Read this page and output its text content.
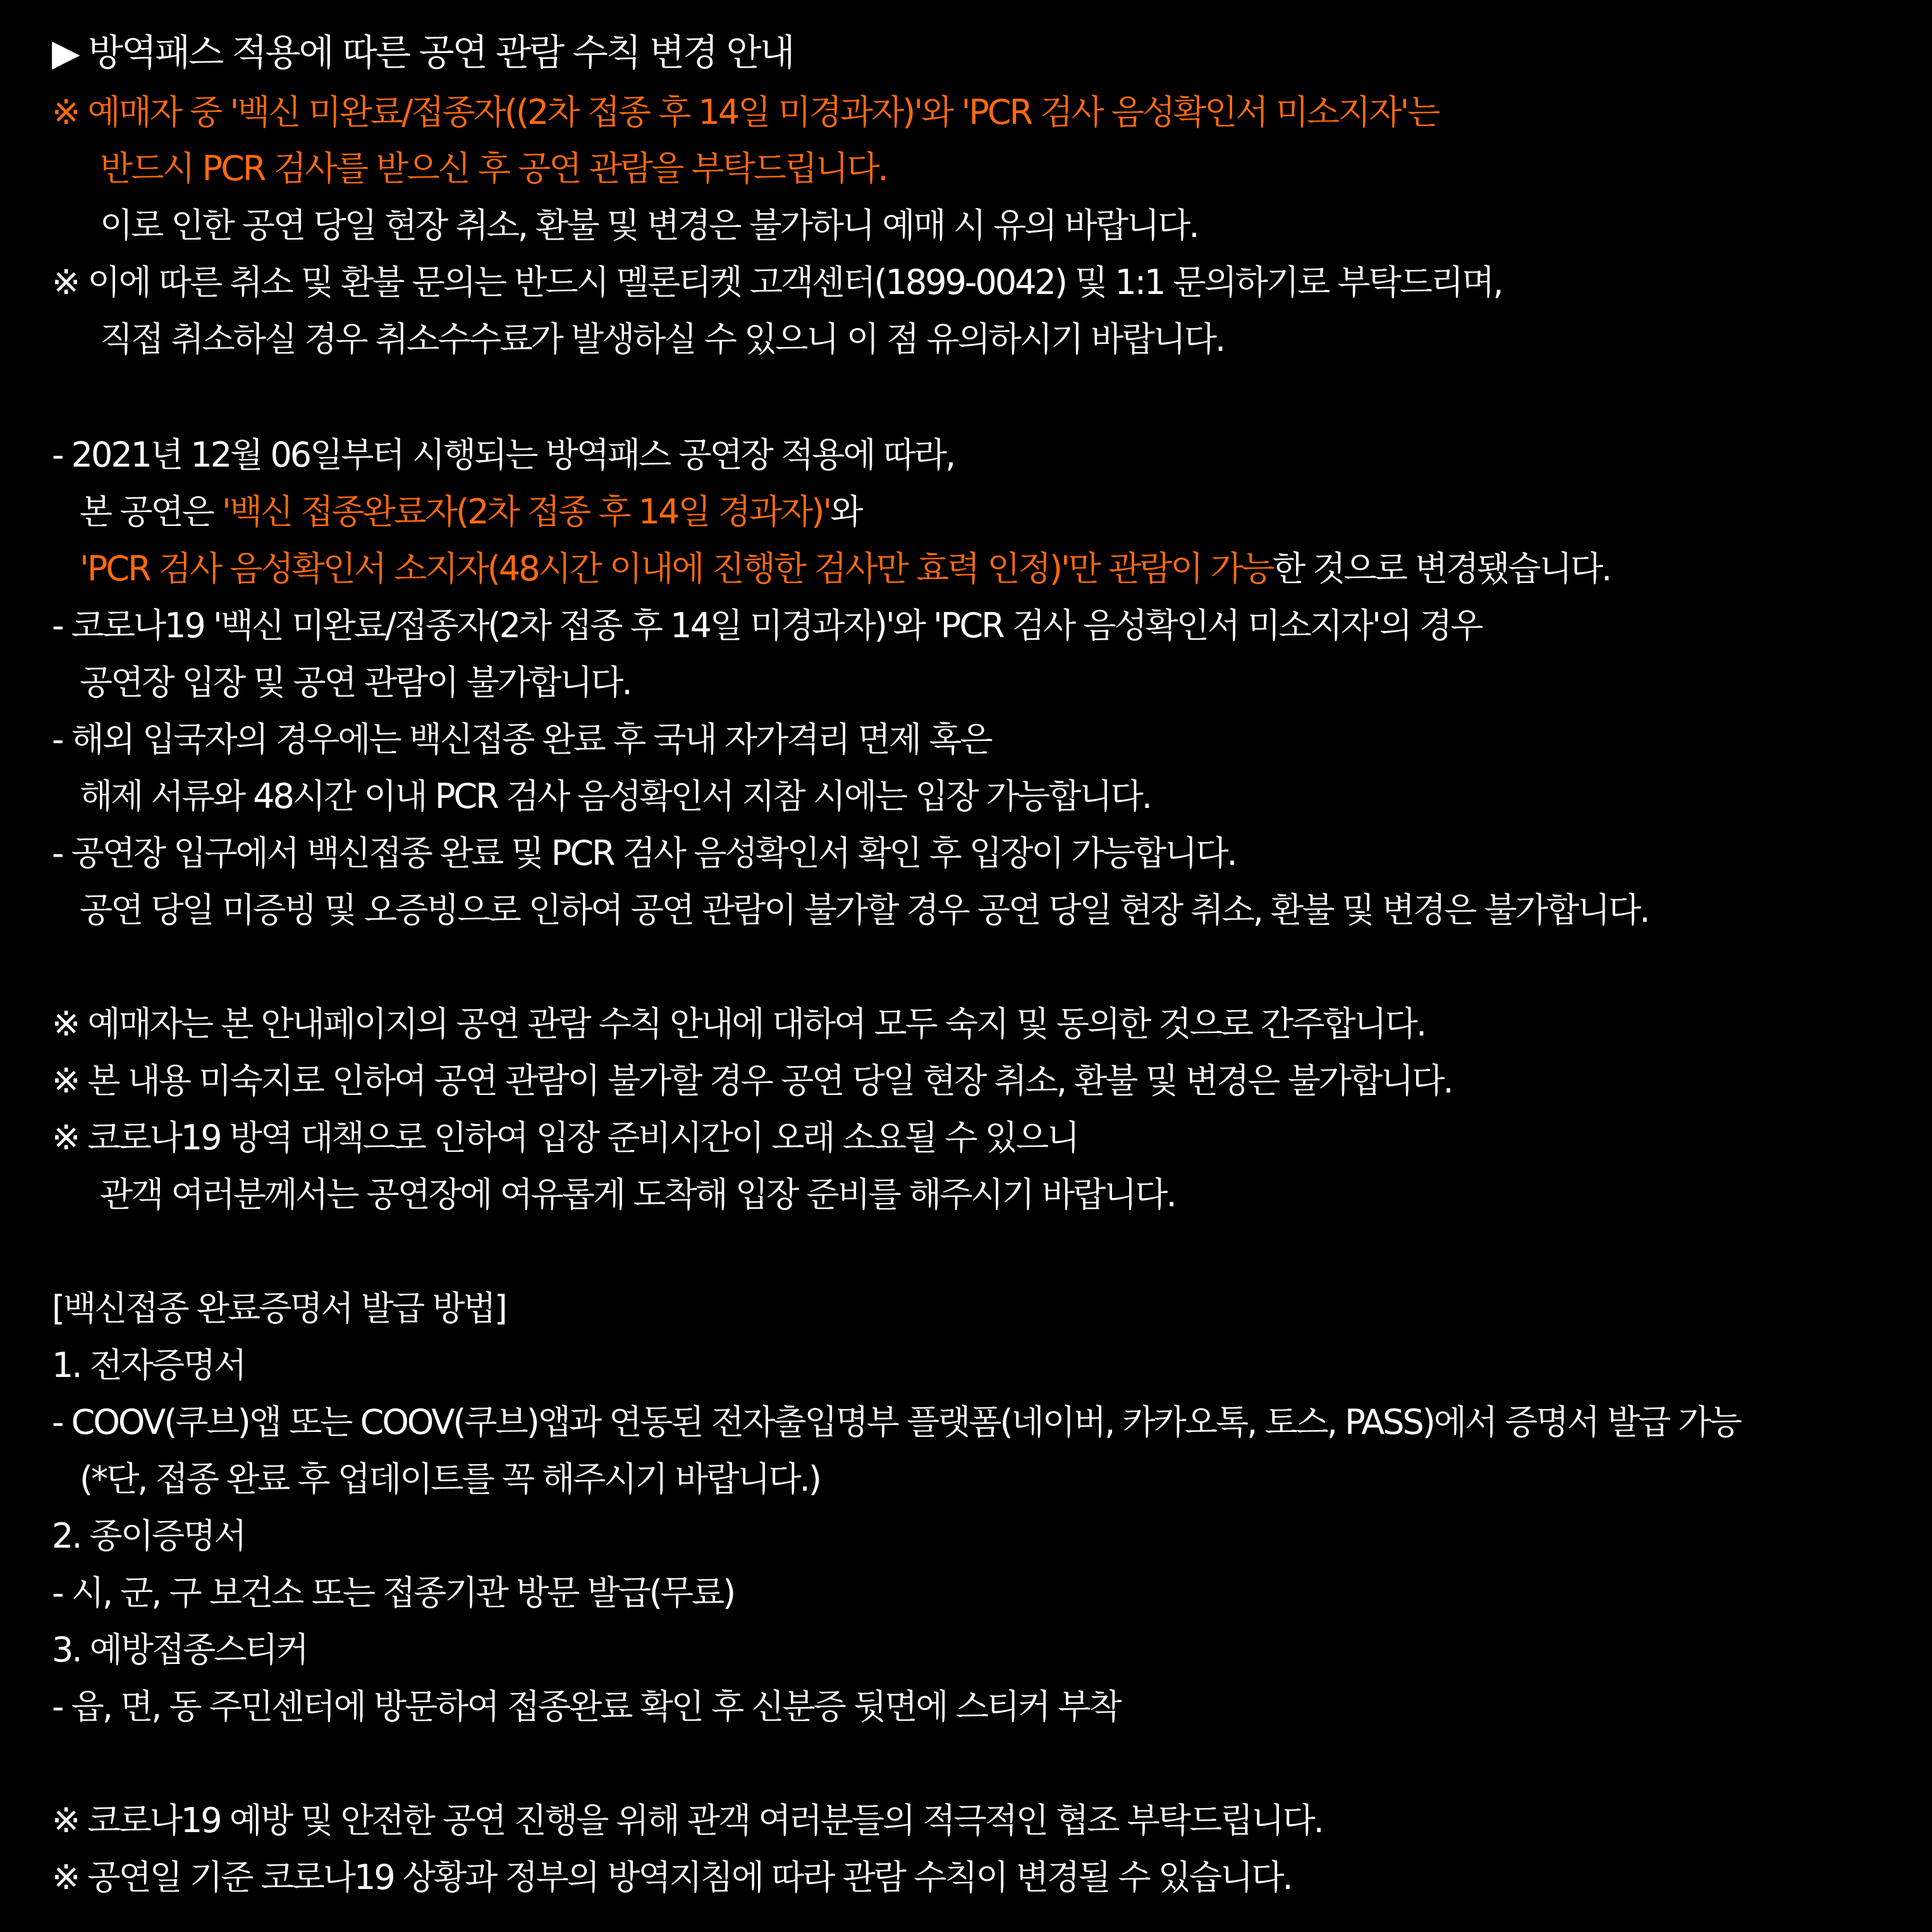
▶ 방역패스 적용에 따른 공연 관람 수칙 변경 안내
※ 예매자 중 '백신 미완료/접종자((2차 접종 후 14일 미경과자)'와 'PCR 검사 음성확인서 미소지자'는
반드시 PCR 검사를 받으신 후 공연 관람을 부탁드립니다.
이로 인한 공연 당일 현장 취소, 환불 및 변경은 불가하니 예매 시 유의 바랍니다.
※ 이에 따른 취소 및 환불 문의는 반드시 멜론티켓 고객센터(1899-0042) 및 1:1 문의하기로 부탁드리며,
직접 취소하실 경우 취소수수료가 발생하실 수 있으니 이 점 유의하시기 바랍니다.
- 2021년 12월 06일부터 시행되는 방역패스 공연장 적용에 따라,
본 공연은 '백신 접종완료자(2차 접종 후 14일 경과자)'와
'PCR 검사 음성확인서 소지자(48시간 이내에 진행한 검사만 효력 인정)'만 관람이 가능한 것으로 변경됐습니다.
- 코로나19 '백신 미완료/접종자(2차 접종 후 14일 미경과자)'와 'PCR 검사 음성확인서 미소지자'의 경우
공연장 입장 및 공연 관람이 불가합니다.
- 해외 입국자의 경우에는 백신접종 완료 후 국내 자가격리 면제 혹은
해제 서류와 48시간 이내 PCR 검사 음성확인서 지참 시에는 입장 가능합니다.
- 공연장 입구에서 백신접종 완료 및 PCR 검사 음성확인서 확인 후 입장이 가능합니다.
공연 당일 미증빙 및 오증빙으로 인하여 공연 관람이 불가할 경우 공연 당일 현장 취소, 환불 및 변경은 불가합니다.
※ 예매자는 본 안내페이지의 공연 관람 수칙 안내에 대하여 모두 숙지 및 동의한 것으로 간주합니다.
※ 본 내용 미숙지로 인하여 공연 관람이 불가할 경우 공연 당일 현장 취소, 환불 및 변경은 불가합니다.
※ 코로나19 방역 대책으로 인하여 입장 준비시간이 오래 소요될 수 있으니
관객 여러분께서는 공연장에 여유롭게 도착해 입장 준비를 해주시기 바랍니다.
[백신접종 완료증명서 발급 방법]
1. 전자증명서
- COOV(쿠브)앱 또는 COOV(쿠브)앱과 연동된 전자출입명부 플랫폼(네이버, 카카오톡, 토스, PASS)에서 증명서 발급 가능
(*단, 접종 완료 후 업데이트를 꼭 해주시기 바랍니다.)
2. 종이증명서
- 시, 군, 구 보건소 또는 접종기관 방문 발급(무료)
3. 예방접종스티커
- 읍, 면, 동 주민센터에 방문하여 접종완료 확인 후 신분증 뒷면에 스티커 부착
※ 코로나19 예방 및 안전한 공연 진행을 위해 관객 여러분들의 적극적인 협조 부탁드립니다.
※ 공연일 기준 코로나19 상황과 정부의 방역지침에 따라 관람 수칙이 변경될 수 있습니다.
